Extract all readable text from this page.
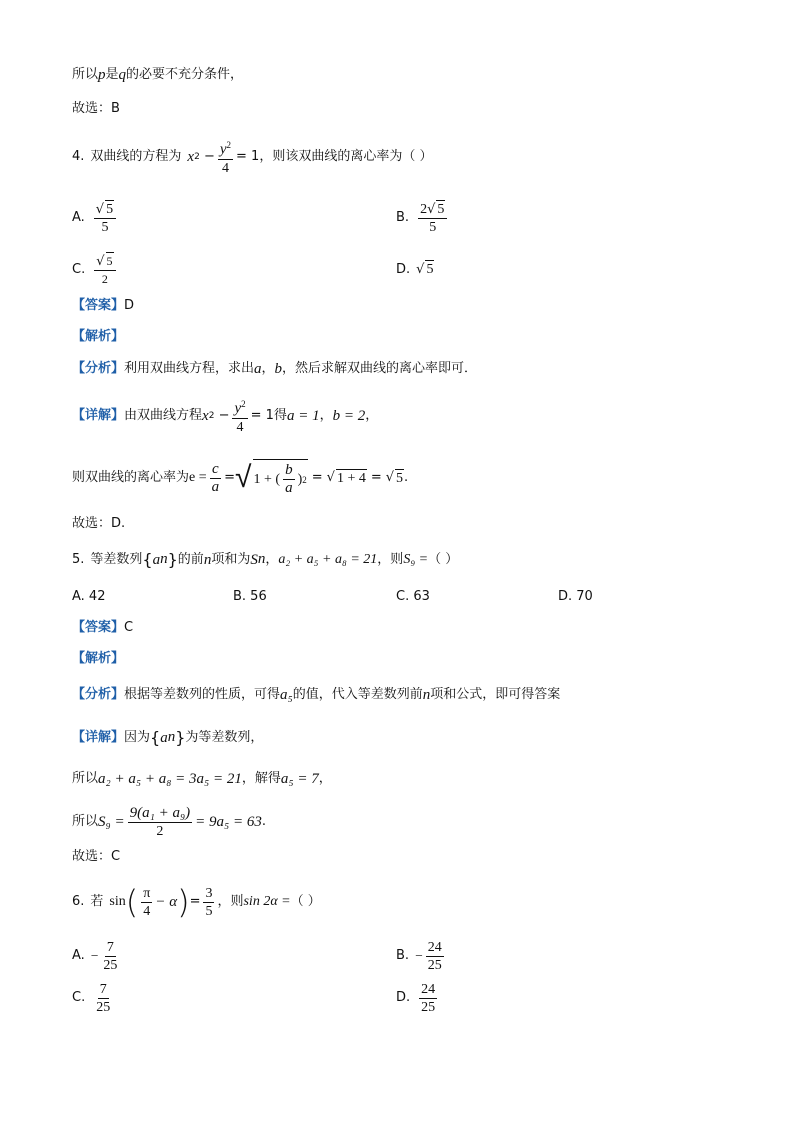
所以 p 是 q 的必要不充分条件，
故选：B
4. 双曲线的方程为 x $2 - \frac{y^2}{4} = 1$ ，则该双曲线的离心率为（ ）
A. $\frac{√ 5}{5}$	B. $\frac{2√ 5}{5}$
C. $\frac{√ 5}{2}$	D. √ 5
【答案】 D
【解析】
【分析】 利用双曲线方程，求出 a ， b ，然后求解双曲线的离心率即可．
【详解】 由双曲线方程 x $2 - \frac{y^2}{4} = 1$ 得 a = 1 ， b = 2 ，
则双曲线的离心率为 $e = \frac{c}{a}$ = √ 1 + ( $\frac{b}{a}$ ) 2 = √ 1 + 4 = √ 5 .
故选：D.
5. 等差数列 { a n } 的前 n 项和为 S n ， a₂ + a₅ + a₈ = 21 ，则 S₉ = （ ）
A. 42	B. 56	C. 63	D. 70
【答案】 C
【解析】
【分析】 根据等差数列的性质，可得 a₅ 的值，代入等差数列前 n 项和公式，即可得答案
【详解】 因为 { a n } 为等差数列，
所以 a₂ + a₅ + a₈ = 3a₅ = 21 ，解得 a₅ = 7 ，
所以 $S_9 = \frac{\text{9(a₁ + a₉)}}{2} = 9a_5 = 63$ .
故选：C
6. 若 sin ( $\frac{\pi}{4} - \alpha$ ) = $\frac{3}{5}$ ，则 sin 2α = （ ）
A. − $\frac{7}{25}$	B. − $\frac{24}{25}$
C. $\frac{7}{25}$	D. $\frac{24}{25}$
